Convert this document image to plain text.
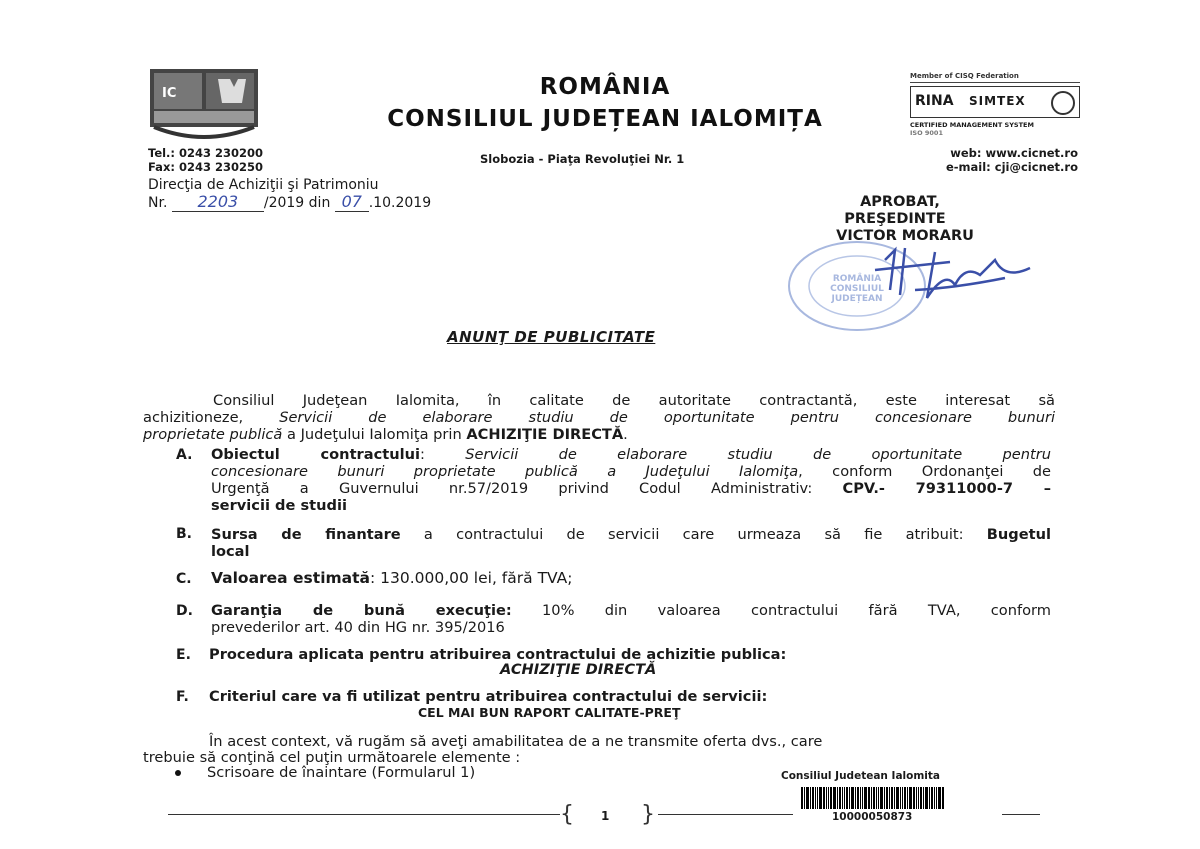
IC	ROMÂNIA
CONSILIUL JUDEȚEAN IALOMIȚA
Member of CISQ Federation
RINA SIMTEX
CERTIFIED MANAGEMENT SYSTEM
ISO 9001
Tel.: 0243 230200
Fax: 0243 230250
Slobozia - Piaţa Revoluţiei Nr. 1	web: www.cicnet.ro
e-mail: cji@cicnet.ro
Direcţia de Achiziţii şi Patrimoniu
Nr. 2203 /2019 din 07 .10.2019	APROBAT,
PREŞEDINTE
VICTOR MORARU
ROMÂNIA CONSILIUL JUDEȚEAN
ANUNŢ DE PUBLICITATE
Consiliul Judeţean Ialomita, în calitate de autoritate contractantă, este interesat să
achizitioneze, Servicii de elaborare studiu de oportunitate pentru concesionare bunuri
proprietate publică a Judeţului Ialomiţa prin ACHIZIŢIE DIRECTĂ.
A. Obiectul contractului: Servicii de elaborare studiu de oportunitate pentru
concesionare bunuri proprietate publică a Judeţului Ialomiţa, conform Ordonanţei de
Urgenţă a Guvernului nr.57/2019 privind Codul Administrativ: CPV.- 79311000-7 –
servicii de studii
B. Sursa de finantare a contractului de servicii care urmeaza să fie atribuit: Bugetul
local
C. Valoarea estimată: 130.000,00 lei, fără TVA;
D. Garanţia de bună execuţie: 10% din valoarea contractului fără TVA, conform
prevederilor art. 40 din HG nr. 395/2016
E. Procedura aplicata pentru atribuirea contractului de achizitie publica:
ACHIZIŢIE DIRECTĂ
F. Criteriul care va fi utilizat pentru atribuirea contractului de servicii:
CEL MAI BUN RAPORT CALITATE-PREŢ
În acest context, vă rugăm să aveţi amabilitatea de a ne transmite oferta dvs., care
trebuie să conţină cel puţin următoarele elemente :
Scrisoare de înaintare (Formularul 1)	Consiliul Judetean Ialomita
10000050873
{ 1 }
